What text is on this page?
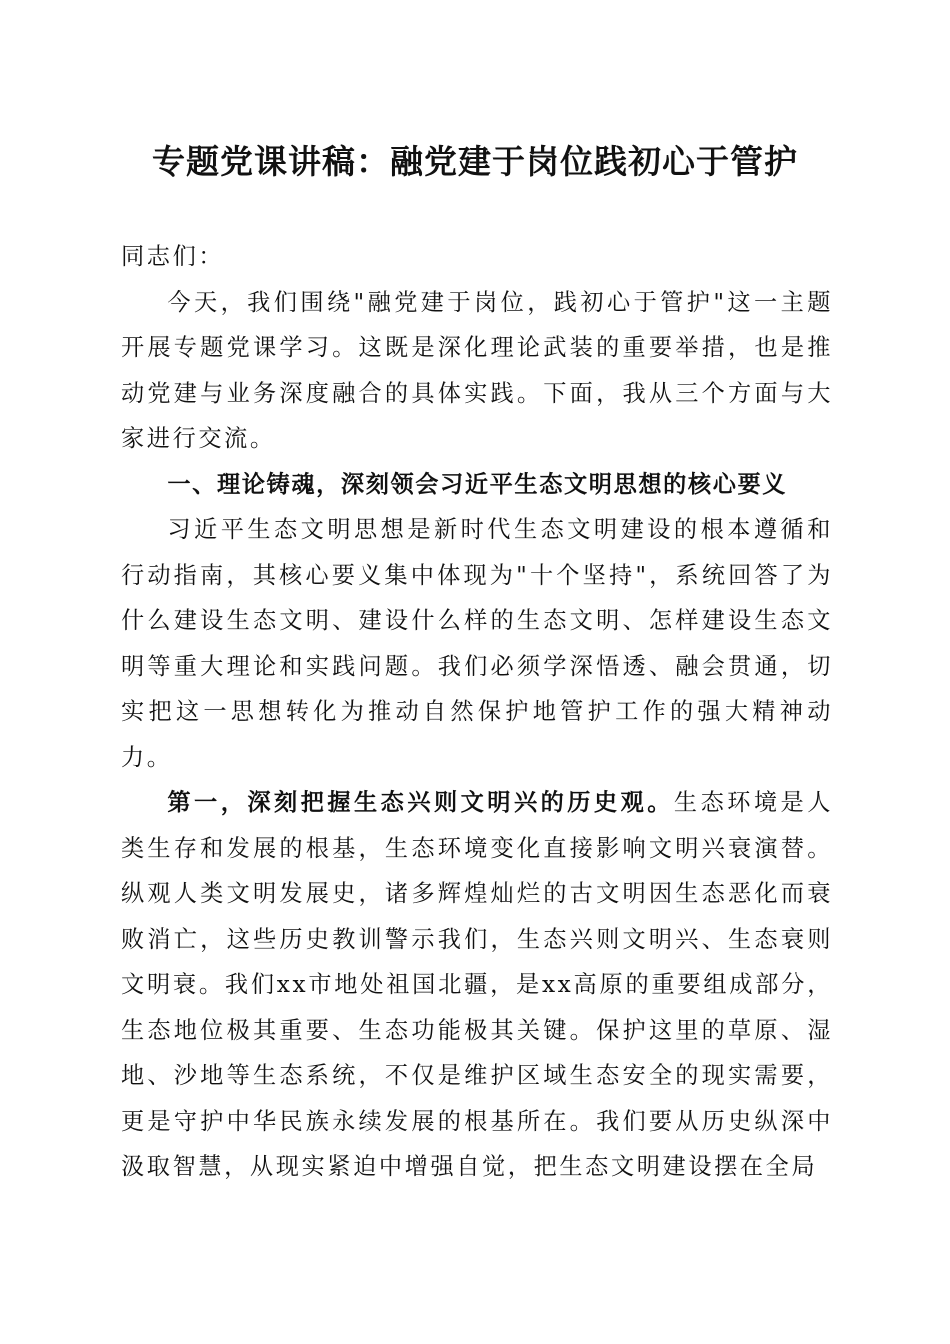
专题党课讲稿：融党建于岗位践初心于管护

同志们：

今天，我们围绕"融党建于岗位，践初心于管护"这一主题开展专题党课学习。这既是深化理论武装的重要举措，也是推动党建与业务深度融合的具体实践。下面，我从三个方面与大家进行交流。

一、理论铸魂，深刻领会习近平生态文明思想的核心要义

习近平生态文明思想是新时代生态文明建设的根本遵循和行动指南，其核心要义集中体现为"十个坚持"，系统回答了为什么建设生态文明、建设什么样的生态文明、怎样建设生态文明等重大理论和实践问题。我们必须学深悟透、融会贯通，切实把这一思想转化为推动自然保护地管护工作的强大精神动力。

第一，深刻把握生态兴则文明兴的历史观。生态环境是人类生存和发展的根基，生态环境变化直接影响文明兴衰演替。纵观人类文明发展史，诸多辉煌灿烂的古文明因生态恶化而衰败消亡，这些历史教训警示我们，生态兴则文明兴、生态衰则文明衰。我们xx市地处祖国北疆，是xx高原的重要组成部分，生态地位极其重要、生态功能极其关键。保护这里的草原、湿地、沙地等生态系统，不仅是维护区域生态安全的现实需要，更是守护中华民族永续发展的根基所在。我们要从历史纵深中汲取智慧，从现实紧迫中增强自觉，把生态文明建设摆在全局
